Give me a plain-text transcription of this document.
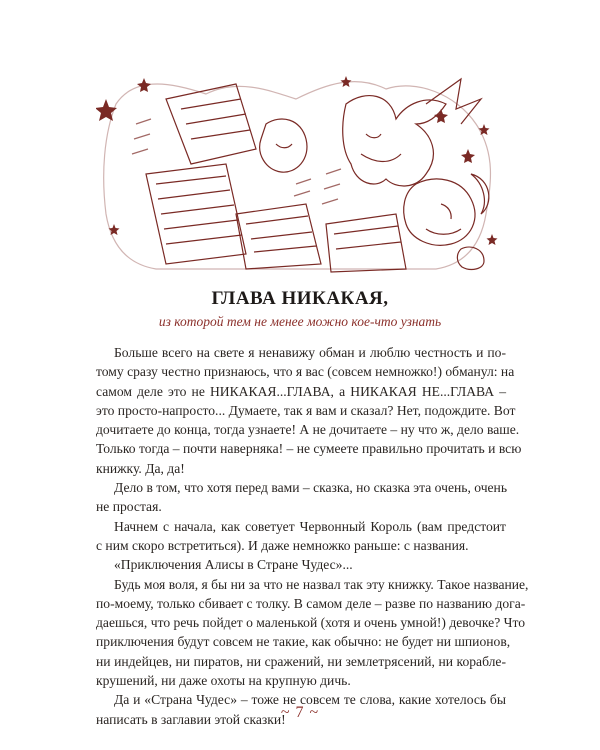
ГЛАВА НИКАКАЯ,
из которой тем не менее можно кое-что узнать
Больше всего на свете я ненавижу обман и люблю честность и по-
тому сразу честно признаюсь, что я вас (совсем немножко!) обманул: на
самом деле это не НИКАКАЯ...ГЛАВА, а НИКАКАЯ НЕ...ГЛАВА –
это просто-напросто... Думаете, так я вам и сказал? Нет, подождите. Вот
дочитаете до конца, тогда узнаете! А не дочитаете – ну что ж, дело ваше.
Только тогда – почти наверняка! – не сумеете правильно прочитать и всю
книжку. Да, да!
Дело в том, что хотя перед вами – сказка, но сказка эта очень, очень
не простая.
Начнем с начала, как советует Червонный Король (вам предстоит
с ним скоро встретиться). И даже немножко раньше: с названия.
«Приключения Алисы в Стране Чудес»...
Будь моя воля, я бы ни за что не назвал так эту книжку. Такое название,
по-моему, только сбивает с толку. В самом деле – разве по названию дога-
даешься, что речь пойдет о маленькой (хотя и очень умной!) девочке? Что
приключения будут совсем не такие, как обычно: не будет ни шпионов,
ни индейцев, ни пиратов, ни сражений, ни землетрясений, ни корабле-
крушений, ни даже охоты на крупную дичь.
Да и «Страна Чудес» – тоже не совсем те слова, какие хотелось бы
написать в заглавии этой сказки!
~ 7 ~
